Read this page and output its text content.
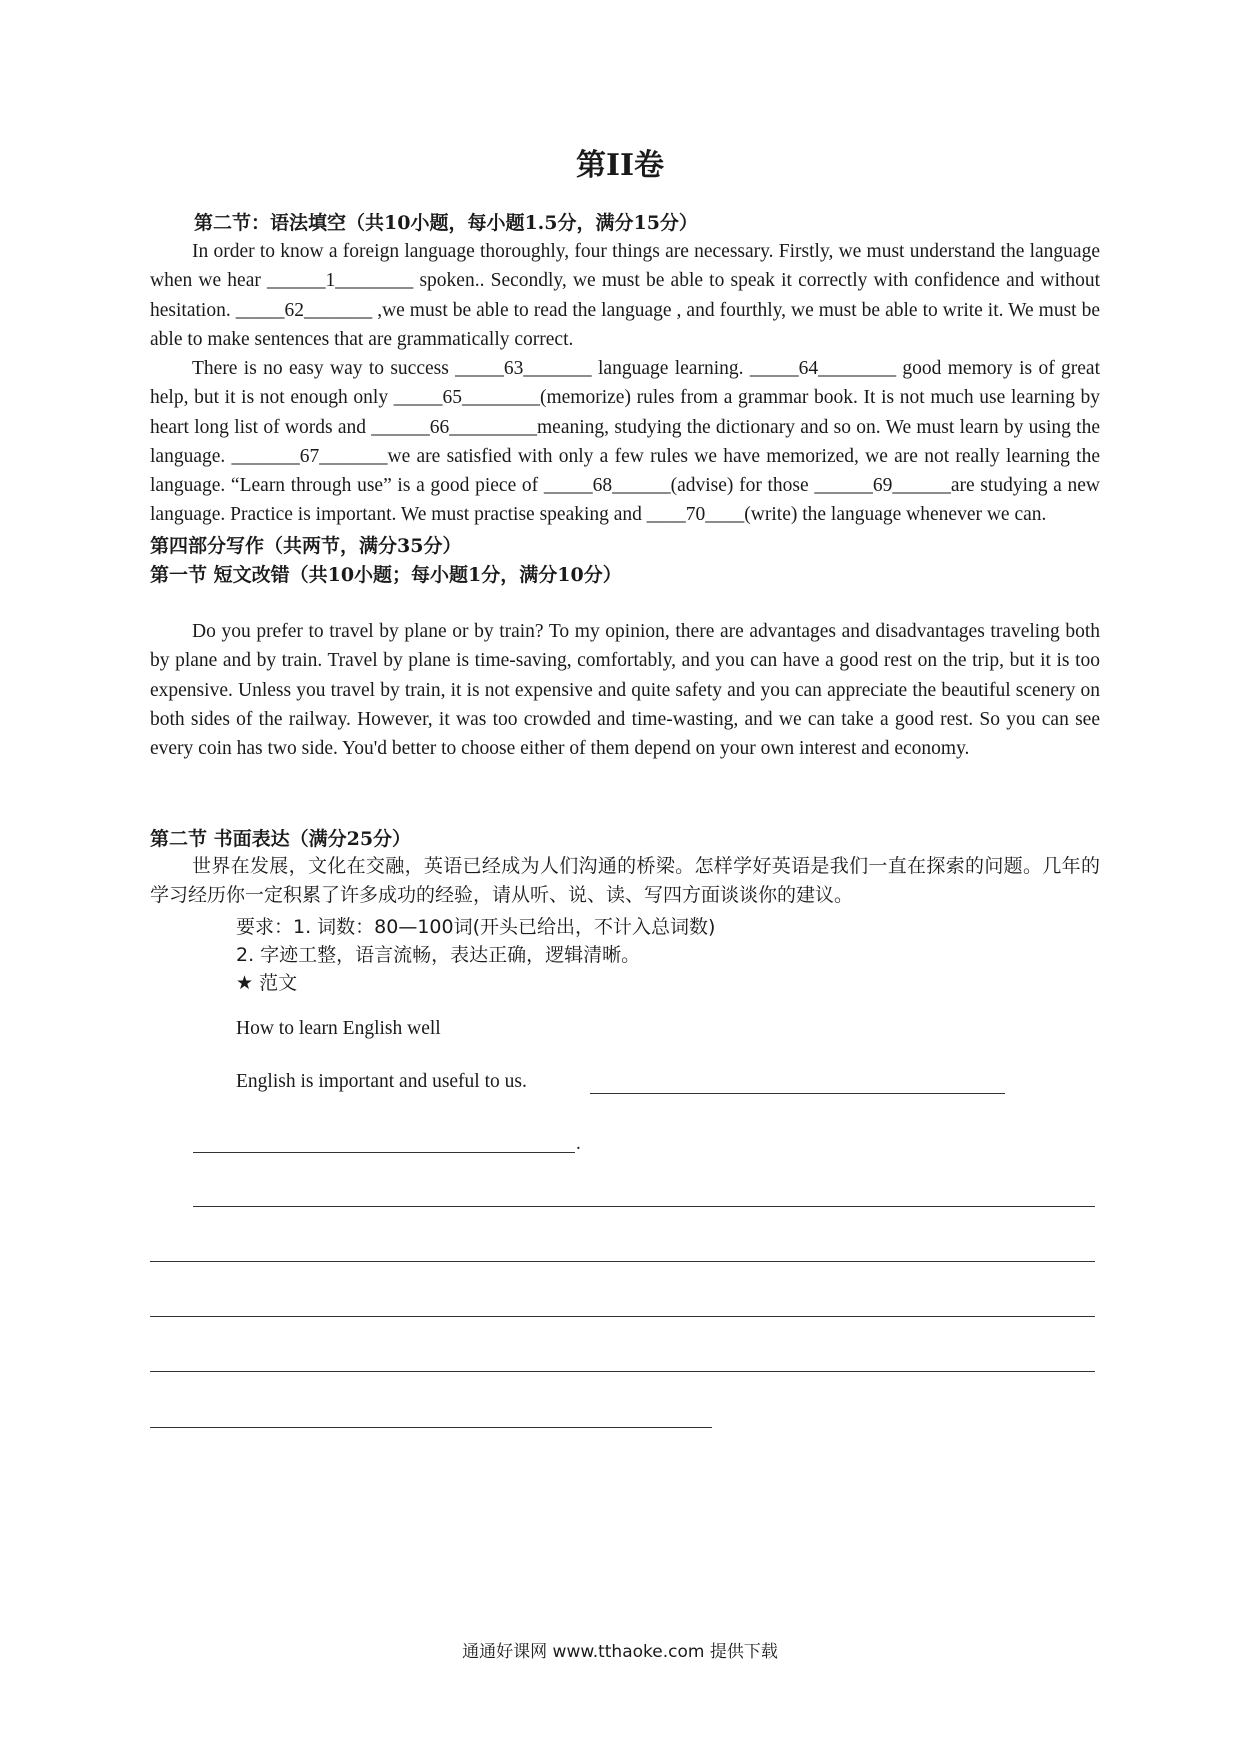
第II卷
第二节：语法填空（共10小题，每小题1.5分，满分15分）
In order to know a foreign language thoroughly, four things are necessary. Firstly, we must understand the language when we hear ______1________ spoken.. Secondly, we must be able to speak it correctly with confidence and without hesitation. _____62_______ ,we must be able to read the language , and fourthly, we must be able to write it. We must be able to make sentences that are grammatically correct.
There is no easy way to success _____63_______ language learning. _____64________ good memory is of great help, but it is not enough only _____65________(memorize) rules from a grammar book. It is not much use learning by heart long list of words and ______66_________meaning, studying the dictionary and so on. We must learn by using the language. _______67_______we are satisfied with only a few rules we have memorized, we are not really learning the language. “Learn through use” is a good piece of _____68______(advise) for those ______69______are studying a new language. Practice is important. We must practise speaking and ____70____(write) the language whenever we can.
第四部分写作（共两节，满分35分）
第一节 短文改错（共10小题；每小题1分，满分10分）
Do you prefer to travel by plane or by train? To my opinion, there are advantages and disadvantages traveling both by plane and by train. Travel by plane is time-saving, comfortably, and you can have a good rest on the trip, but it is too expensive. Unless you travel by train, it is not expensive and quite safety and you can appreciate the beautiful scenery on both sides of the railway. However, it was too crowded and time-wasting, and we can take a good rest. So you can see every coin has two side. You'd better to choose either of them depend on your own interest and economy.
第二节 书面表达（满分25分）
世界在发展，文化在交融，英语已经成为人们沟通的桥梁。怎样学好英语是我们一直在探索的问题。几年的学习经历你一定积累了许多成功的经验，请从听、说、读、写四方面谈谈你的建议。
要求：1. 词数：80—100词(开头已给出，不计入总词数)
2. 字迹工整，语言流畅，表达正确，逻辑清晰。
★ 范文
How to learn English well
English is important and useful to us.
.
通通好课网 www.tthaoke.com 提供下载
